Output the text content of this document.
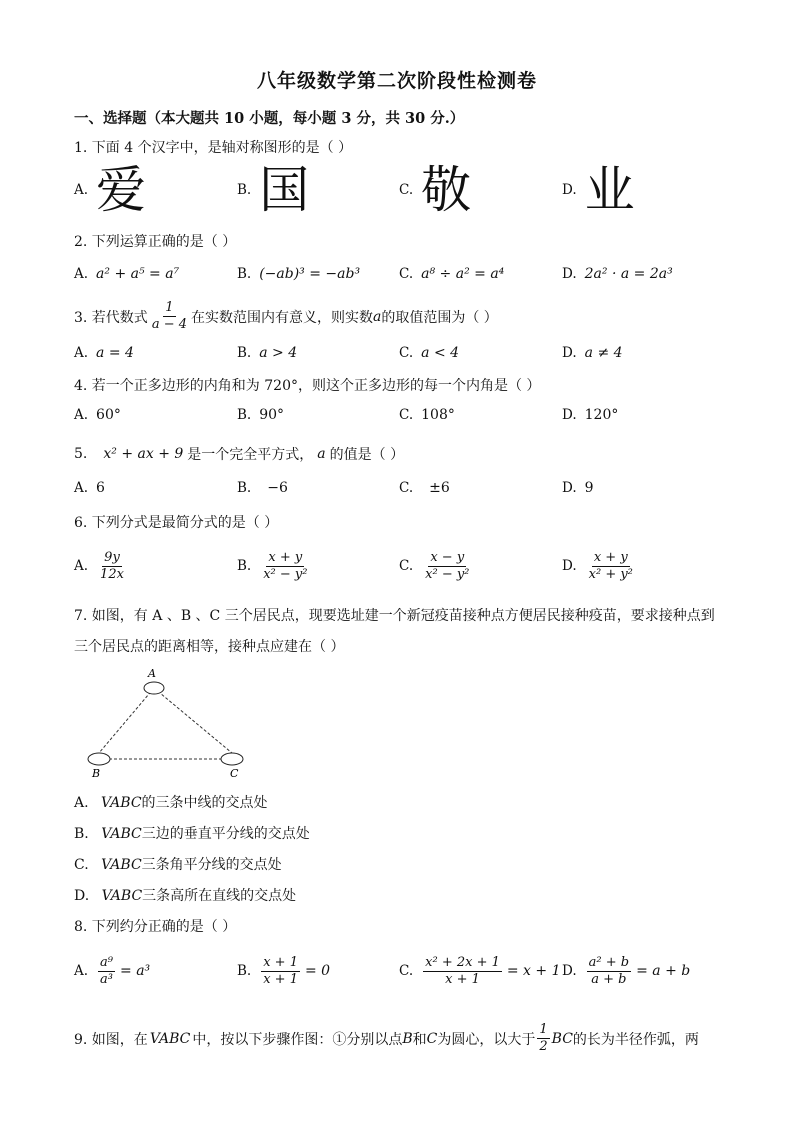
八年级数学第二次阶段性检测卷
一、选择题（本大题共 10 小题，每小题 3 分，共 30 分.）
1. 下面 4 个汉字中，是轴对称图形的是（ ）
A. 爱	B. 国	C. 敬	D. 业
2. 下列运算正确的是（ ）
A. a² + a⁵ = a⁷	B. (−ab)³ = −ab³	C. a⁸ ÷ a² = a⁴	D. 2a² · a = 2a³
3. 若代数式 $\frac{1}{a - 4}$ 在实数范围内有意义，则实数 a 的取值范围为（ ）
A. a = 4	B. a > 4	C. a < 4	D. a ≠ 4
4. 若一个正多边形的内角和为 720°，则这个正多边形的每一个内角是（ ）
A. 60°	B. 90°	C. 108°	D. 120°
5. x² + ax + 9 是一个完全平方式， a 的值是（ ）
A. 6	B. −6	C. ±6	D. 9
6. 下列分式是最简分式的是（ ）
A. $\frac{9y}{12x}$	B. $\frac{x + y}{\text{x² − y²}}$	C. $\frac{x - y}{\text{x² − y²}}$	D. $\frac{x + y}{\text{x² + y²}}$
7. 如图，有 A 、B 、C 三个居民点，现要选址建一个新冠疫苗接种点方便居民接种疫苗，要求接种点到
三个居民点的距离相等，接种点应建在（ ）
A
B	C
A. VABC的三条中线的交点处
B. VABC三边的垂直平分线的交点处
C. VABC三条角平分线的交点处
D. VABC三条高所在直线的交点处
8. 下列约分正确的是（ ）
A. $\frac{\text{a⁹}}{\text{a³}} = a^3$	B. $\frac{x + 1}{x + 1} = 0$	C. $\frac{\text{x² + 2x + 1}}{x + 1} = x + 1$ D. $\frac{\text{a² + b}}{a + b} = a + b$
9. 如图，在 VABC 中，按以下步骤作图：①分别以点 B 和 C 为圆心，以大于 $\frac{1}{2}$ BC 的长为半径作弧，两
